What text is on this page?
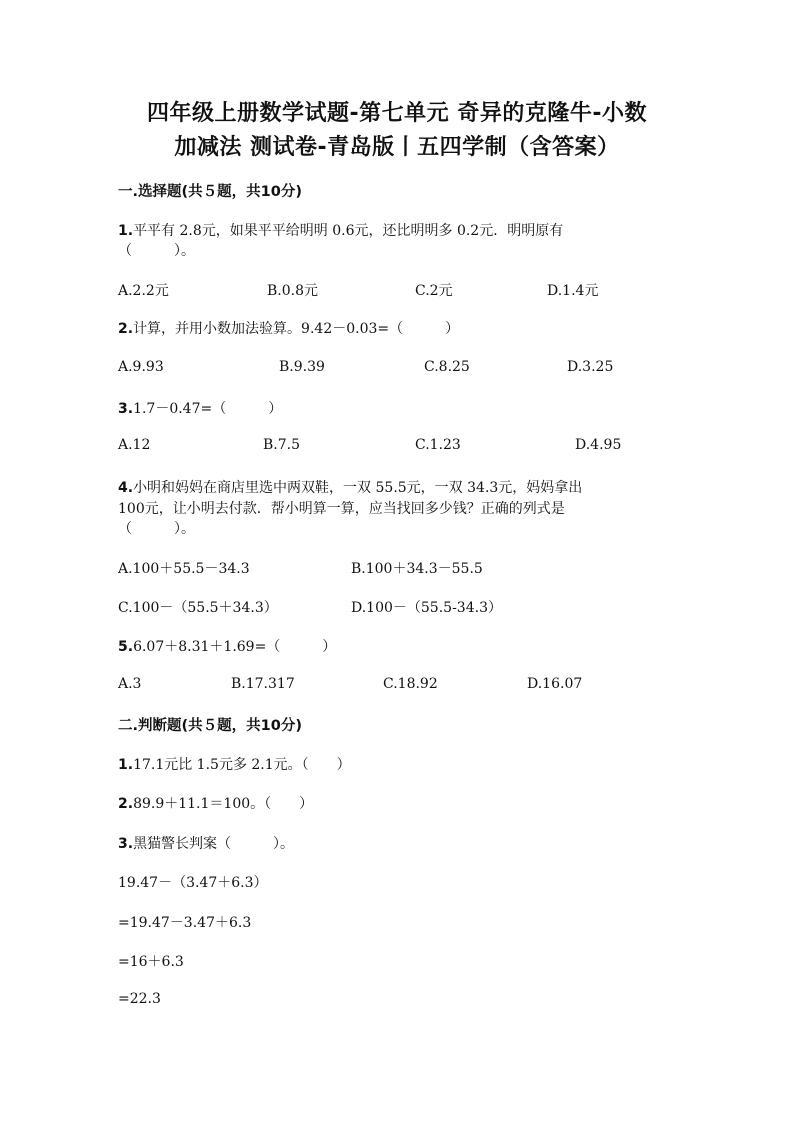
四年级上册数学试题-第七单元 奇异的克隆牛-小数
加减法 测试卷-青岛版丨五四学制（含答案）
一.选择题(共５题，共10分)
1.平平有 2.8元，如果平平给明明 0.6元，还比明明多 0.2元．明明原有
（　　　）。
A.2.2元	B.0.8元	C.2元	D.1.4元
2.计算，并用小数加法验算。9.42－0.03=（　　　）
A.9.93	B.9.39	C.8.25	D.3.25
3.1.7－0.47=（　　　）
A.12	B.7.5	C.1.23	D.4.95
4.小明和妈妈在商店里选中两双鞋，一双 55.5元，一双 34.3元，妈妈拿出
100元，让小明去付款．帮小明算一算，应当找回多少钱？正确的列式是
（　　　）。
A.100＋55.5－34.3	B.100＋34.3－55.5
C.100－（55.5＋34.3）	D.100－（55.5-34.3）
5.6.07＋8.31＋1.69=（　　　）
A.3	B.17.317	C.18.92	D.16.07
二.判断题(共５题，共10分)
1.17.1元比 1.5元多 2.1元。（　　）
2.89.9＋11.1＝100。（　　）
3.黑猫警长判案（　　　）。
19.47－（3.47＋6.3）
=19.47－3.47＋6.3
=16＋6.3
=22.3
